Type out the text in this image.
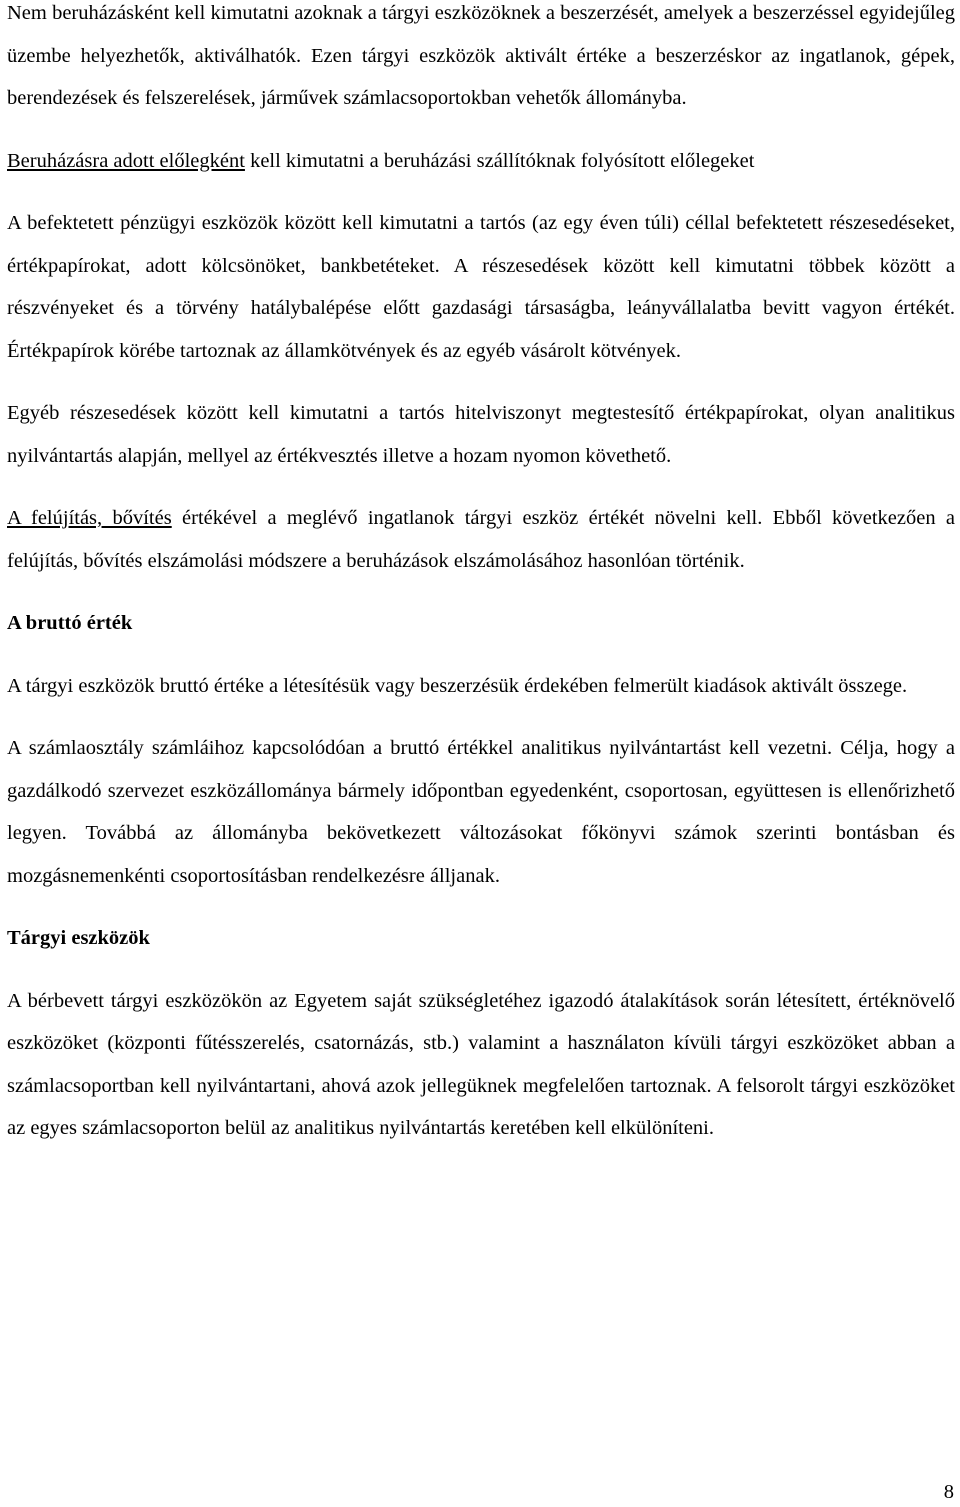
Nem beruházásként kell kimutatni azoknak a tárgyi eszközöknek a beszerzését, amelyek a beszerzéssel egyidejűleg üzembe helyezhetők, aktiválhatók. Ezen tárgyi eszközök aktivált értéke a beszerzéskor az ingatlanok, gépek, berendezések és felszerelések, járművek számlacsoportokban vehetők állományba.

Beruházásra adott előlegként kell kimutatni a beruházási szállítóknak folyósított előlegeket

A befektetett pénzügyi eszközök között kell kimutatni a tartós (az egy éven túli) céllal befektetett részesedéseket, értékpapírokat, adott kölcsönöket, bankbetéteket. A részesedések között kell kimutatni többek között a részvényeket és a törvény hatálybalépése előtt gazdasági társaságba, leányvállalatba bevitt vagyon értékét. Értékpapírok körébe tartoznak az államkötvények és az egyéb vásárolt kötvények.

Egyéb részesedések között kell kimutatni a tartós hitelviszonyt megtestesítő értékpapírokat, olyan analitikus nyilvántartás alapján, mellyel az értékvesztés illetve a hozam nyomon követhető.

A felújítás, bővítés értékével a meglévő ingatlanok tárgyi eszköz értékét növelni kell. Ebből következően a felújítás, bővítés elszámolási módszere a beruházások elszámolásához hasonlóan történik.

A bruttó érték

A tárgyi eszközök bruttó értéke a létesítésük vagy beszerzésük érdekében felmerült kiadások aktivált összege.

A számlaosztály számláihoz kapcsolódóan a bruttó értékkel analitikus nyilvántartást kell vezetni. Célja, hogy a gazdálkodó szervezet eszközállománya bármely időpontban egyedenként, csoportosan, együttesen is ellenőrizhető legyen. Továbbá az állományba bekövetkezett változásokat főkönyvi számok szerinti bontásban és mozgásnemenkénti csoportosításban rendelkezésre álljanak.

Tárgyi eszközök

A bérbevett tárgyi eszközökön az Egyetem saját szükségletéhez igazodó átalakítások során létesített, értéknövelő eszközöket (központi fűtésszerelés, csatornázás, stb.) valamint a használaton kívüli tárgyi eszközöket abban a számlacsoportban kell nyilvántartani, ahová azok jellegüknek megfelelően tartoznak. A felsorolt tárgyi eszközöket az egyes számlacsoporton belül az analitikus nyilvántartás keretében kell elkülöníteni.

8
